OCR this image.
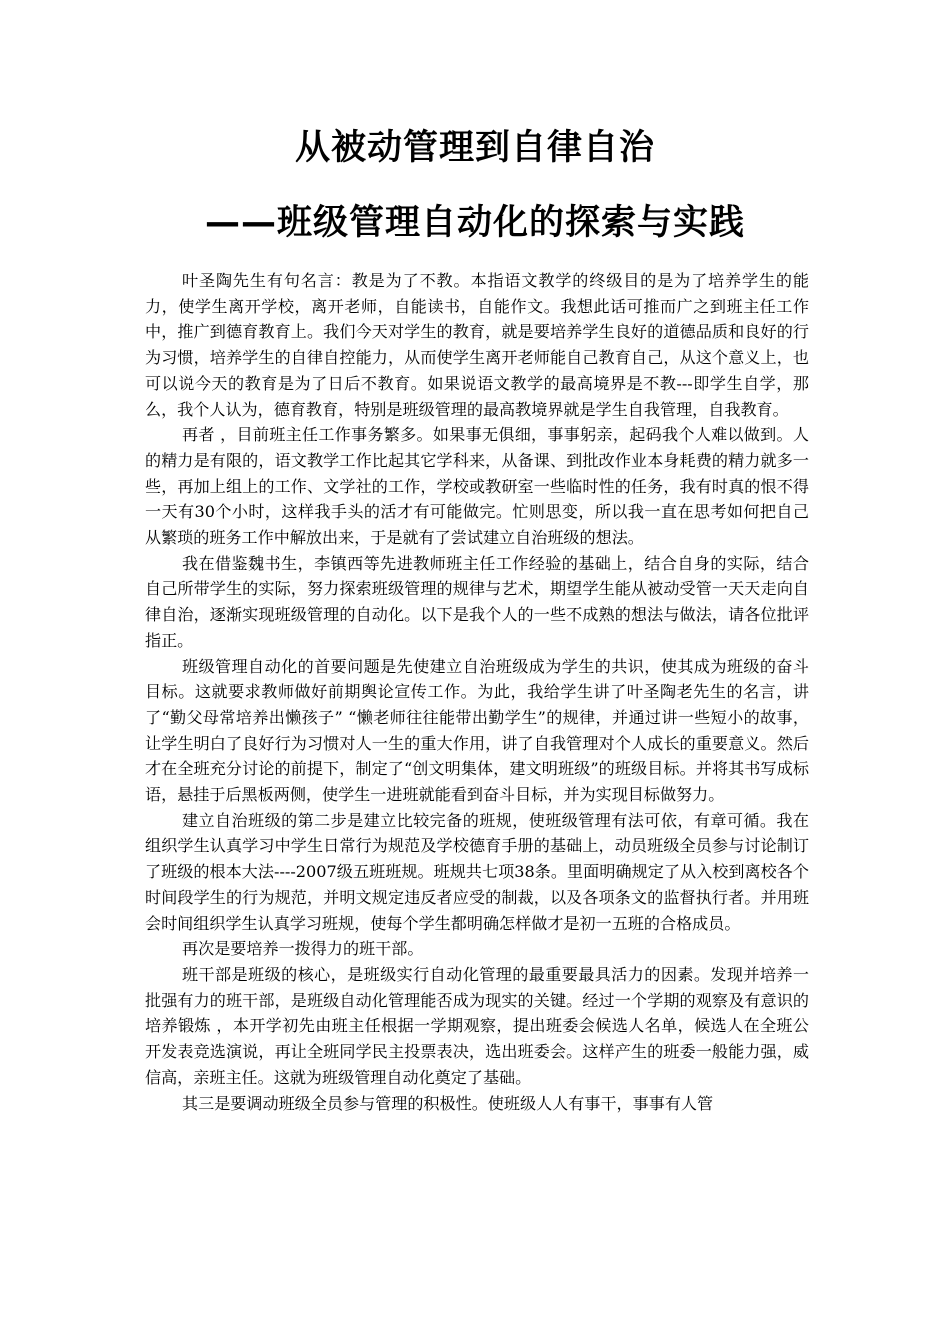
从被动管理到自律自治
——班级管理自动化的探索与实践

叶圣陶先生有句名言：教是为了不教。本指语文教学的终级目的是为了培养学生的能力，使学生离开学校，离开老师，自能读书，自能作文。我想此话可推而广之到班主任工作中，推广到德育教育上。我们今天对学生的教育，就是要培养学生良好的道德品质和良好的行为习惯，培养学生的自律自控能力，从而使学生离开老师能自己教育自己，从这个意义上，也可以说今天的教育是为了日后不教育。如果说语文教学的最高境界是不教---即学生自学，那么，我个人认为，德育教育，特别是班级管理的最高教境界就是学生自我管理，自我教育。

再者 ，目前班主任工作事务繁多。如果事无俱细，事事躬亲，起码我个人难以做到。人的精力是有限的，语文教学工作比起其它学科来，从备课、到批改作业本身耗费的精力就多一些，再加上组上的工作、文学社的工作，学校或教研室一些临时性的任务，我有时真的恨不得一天有30个小时，这样我手头的活才有可能做完。忙则思变，所以我一直在思考如何把自己从繁琐的班务工作中解放出来，于是就有了尝试建立自治班级的想法。

我在借鉴魏书生，李镇西等先进教师班主任工作经验的基础上，结合自身的实际，结合自己所带学生的实际，努力探索班级管理的规律与艺术，期望学生能从被动受管一天天走向自律自治，逐渐实现班级管理的自动化。以下是我个人的一些不成熟的想法与做法，请各位批评指正。

班级管理自动化的首要问题是先使建立自治班级成为学生的共识，使其成为班级的奋斗目标。这就要求教师做好前期舆论宣传工作。为此，我给学生讲了叶圣陶老先生的名言，讲了“勤父母常培养出懒孩子” “懒老师往往能带出勤学生”的规律，并通过讲一些短小的故事，让学生明白了良好行为习惯对人一生的重大作用，讲了自我管理对个人成长的重要意义。然后才在全班充分讨论的前提下，制定了“创文明集体，建文明班级”的班级目标。并将其书写成标语，悬挂于后黑板两侧，使学生一进班就能看到奋斗目标，并为实现目标做努力。

建立自治班级的第二步是建立比较完备的班规，使班级管理有法可依，有章可循。我在组织学生认真学习中学生日常行为规范及学校德育手册的基础上，动员班级全员参与讨论制订了班级的根本大法----2007级五班班规。班规共七项38条。里面明确规定了从入校到离校各个时间段学生的行为规范，并明文规定违反者应受的制裁，以及各项条文的监督执行者。并用班会时间组织学生认真学习班规，使每个学生都明确怎样做才是初一五班的合格成员。

再次是要培养一拨得力的班干部。

班干部是班级的核心，是班级实行自动化管理的最重要最具活力的因素。发现并培养一批强有力的班干部，是班级自动化管理能否成为现实的关键。经过一个学期的观察及有意识的培养锻炼 ，本开学初先由班主任根据一学期观察，提出班委会候选人名单，候选人在全班公开发表竞选演说，再让全班同学民主投票表决，选出班委会。这样产生的班委一般能力强，威信高，亲班主任。这就为班级管理自动化奠定了基础。

其三是要调动班级全员参与管理的积极性。使班级人人有事干，事事有人管
